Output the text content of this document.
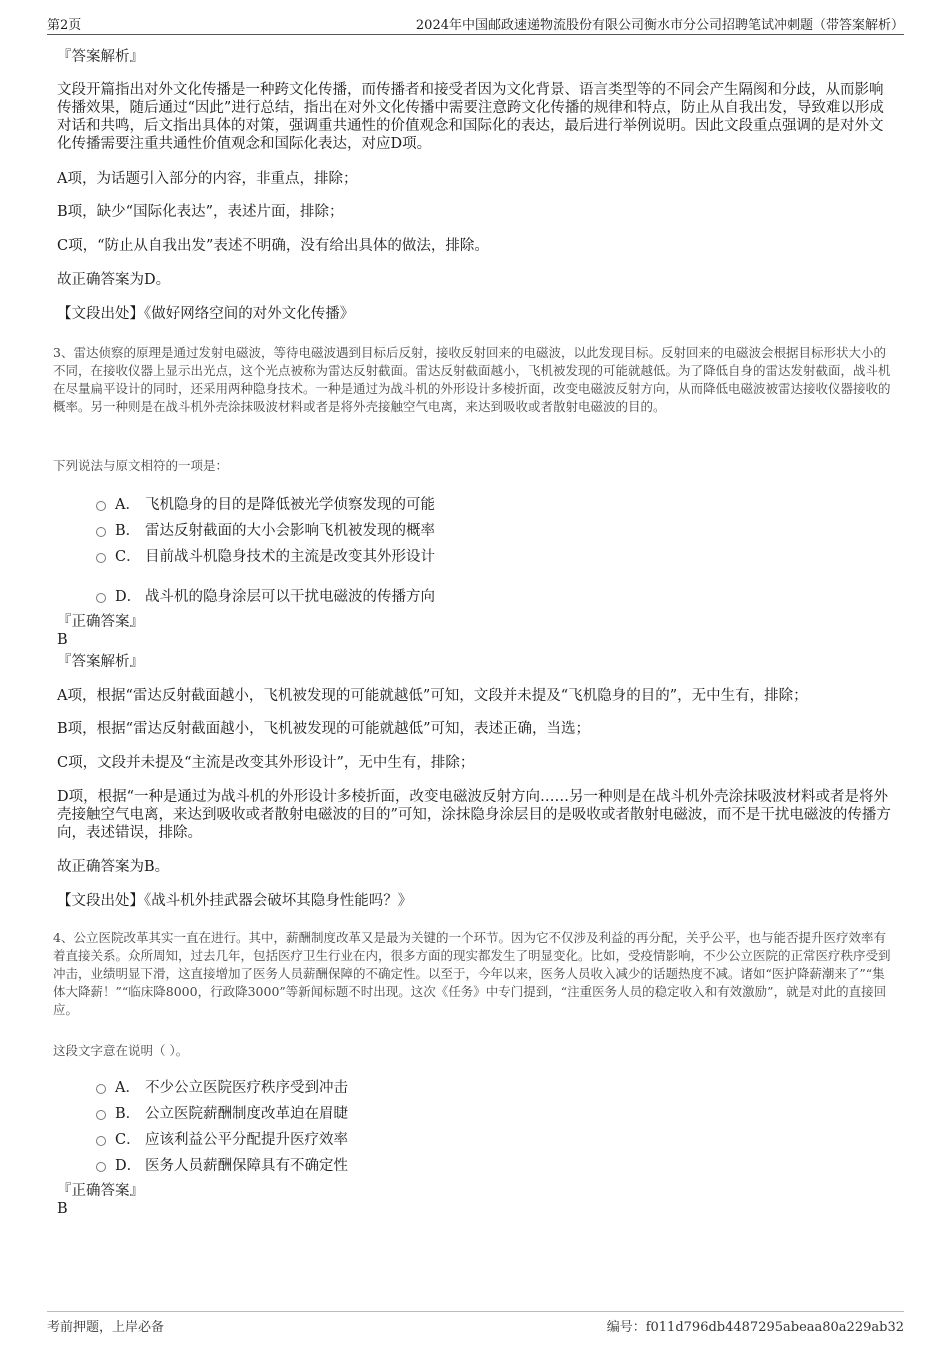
第2页	2024年中国邮政速递物流股份有限公司衡水市分公司招聘笔试冲刺题（带答案解析）
『答案解析』
文段开篇指出对外文化传播是一种跨文化传播，而传播者和接受者因为文化背景、语言类型等的不同会产生隔阂和分歧，从而影响传播效果，随后通过“因此”进行总结，指出在对外文化传播中需要注意跨文化传播的规律和特点，防止从自我出发，导致难以形成对话和共鸣，后文指出具体的对策，强调重共通性的价值观念和国际化的表达，最后进行举例说明。因此文段重点强调的是对外文化传播需要注重共通性价值观念和国际化表达，对应D项。
A项，为话题引入部分的内容，非重点，排除；
B项，缺少“国际化表达”，表述片面，排除；
C项，“防止从自我出发”表述不明确，没有给出具体的做法，排除。
故正确答案为D。
【文段出处】《做好网络空间的对外文化传播》
3、雷达侦察的原理是通过发射电磁波，等待电磁波遇到目标后反射，接收反射回来的电磁波，以此发现目标。反射回来的电磁波会根据目标形状大小的不同，在接收仪器上显示出光点，这个光点被称为雷达反射截面。雷达反射截面越小，飞机被发现的可能就越低。为了降低自身的雷达发射截面，战斗机在尽量扁平设计的同时，还采用两种隐身技术。一种是通过为战斗机的外形设计多棱折面，改变电磁波反射方向，从而降低电磁波被雷达接收仪器接收的概率。另一种则是在战斗机外壳涂抹吸波材料或者是将外壳接触空气电离，来达到吸收或者散射电磁波的目的。
下列说法与原文相符的一项是：
A． 飞机隐身的目的是降低被光学侦察发现的可能
B． 雷达反射截面的大小会影响飞机被发现的概率
C． 目前战斗机隐身技术的主流是改变其外形设计
D． 战斗机的隐身涂层可以干扰电磁波的传播方向
『正确答案』
B
『答案解析』
A项，根据“雷达反射截面越小，飞机被发现的可能就越低”可知，文段并未提及“飞机隐身的目的”，无中生有，排除；
B项，根据“雷达反射截面越小，飞机被发现的可能就越低”可知，表述正确，当选；
C项，文段并未提及“主流是改变其外形设计”，无中生有，排除；
D项，根据“一种是通过为战斗机的外形设计多棱折面，改变电磁波反射方向……另一种则是在战斗机外壳涂抹吸波材料或者是将外壳接触空气电离，来达到吸收或者散射电磁波的目的”可知，涂抹隐身涂层目的是吸收或者散射电磁波，而不是干扰电磁波的传播方向，表述错误，排除。
故正确答案为B。
【文段出处】《战斗机外挂武器会破坏其隐身性能吗？》
4、公立医院改革其实一直在进行。其中，薪酬制度改革又是最为关键的一个环节。因为它不仅涉及利益的再分配，关乎公平，也与能否提升医疗效率有着直接关系。众所周知，过去几年，包括医疗卫生行业在内，很多方面的现实都发生了明显变化。比如，受疫情影响，不少公立医院的正常医疗秩序受到冲击，业绩明显下滑，这直接增加了医务人员薪酬保障的不确定性。以至于，今年以来，医务人员收入减少的话题热度不减。诸如“医护降薪潮来了”“集体大降薪！”“临床降8000，行政降3000”等新闻标题不时出现。这次《任务》中专门提到，“注重医务人员的稳定收入和有效激励”，就是对此的直接回应。
这段文字意在说明（ ）。
A． 不少公立医院医疗秩序受到冲击
B． 公立医院薪酬制度改革迫在眉睫
C． 应该利益公平分配提升医疗效率
D． 医务人员薪酬保障具有不确定性
『正确答案』
B
考前押题，上岸必备	编号：f011d796db4487295abeaa80a229ab32
